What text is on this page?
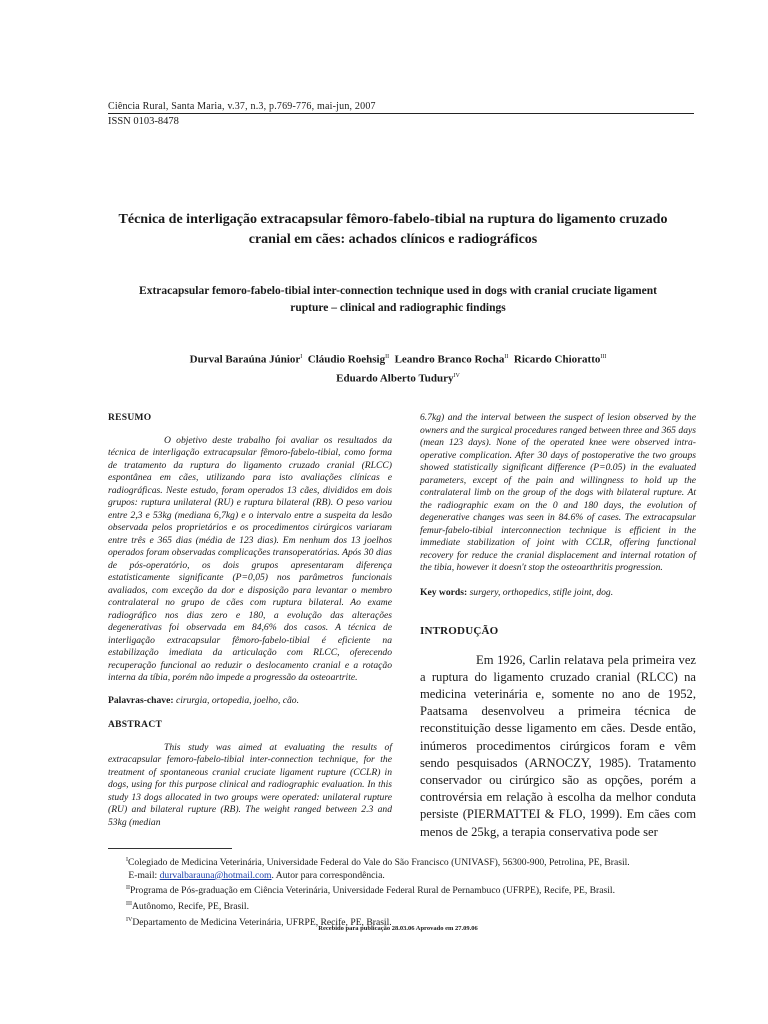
Ciência Rural, Santa Maria, v.37, n.3, p.769-776, mai-jun, 2007
ISSN 0103-8478
Técnica de interligação extracapsular fêmoro-fabelo-tibial na ruptura do ligamento cruzado
cranial em cães: achados clínicos e radiográficos
Extracapsular femoro-fabelo-tibial inter-connection technique used in dogs with cranial cruciate ligament
rupture – clinical and radiographic findings
Durval Baraúna Júnior$^I$ Cláudio Roehsig$^{II}$ Leandro Branco Rocha$^{II}$ Ricardo Chioratto$^{III}$
Eduardo Alberto Tudury$^{IV}$

RESUMO

O objetivo deste trabalho foi avaliar os resultados da técnica de interligação extracapsular fêmoro-fabelo-tibial, como forma de tratamento da ruptura do ligamento cruzado cranial (RLCC) espontânea em cães, utilizando para isto avaliações clínicas e radiográficas. Neste estudo, foram operados 13 cães, divididos em dois grupos: ruptura unilateral (RU) e ruptura bilateral (RB). O peso variou entre 2,3 e 53kg (mediana 6,7kg) e o intervalo entre a suspeita da lesão observada pelos proprietários e os procedimentos cirúrgicos variaram entre três e 365 dias (média de 123 dias). Em nenhum dos 13 joelhos operados foram observadas complicações transoperatórias. Após 30 dias de pós-operatório, os dois grupos apresentaram diferença estatisticamente significante (P=0,05) nos parâmetros funcionais avaliados, com exceção da dor e disposição para levantar o membro contralateral no grupo de cães com ruptura bilateral. Ao exame radiográfico nos dias zero e 180, a evolução das alterações degenerativas foi observada em 84,6% dos casos. A técnica de interligação extracapsular fêmoro-fabelo-tibial é eficiente na estabilização imediata da articulação com RLCC, oferecendo recuperação funcional ao reduzir o deslocamento cranial e a rotação interna da tíbia, porém não impede a progressão da osteoartrite.

Palavras-chave: cirurgia, ortopedia, joelho, cão.

ABSTRACT

This study was aimed at evaluating the results of extracapsular femoro-fabelo-tibial inter-connection technique, for the treatment of spontaneous cranial cruciate ligament rupture (CCLR) in dogs, using for this purpose clinical and radiographic evaluation. In this study 13 dogs allocated in two groups were operated: unilateral rupture (RU) and bilateral rupture (RB). The weight ranged between 2.3 and 53kg (median

6.7kg) and the interval between the suspect of lesion observed by the owners and the surgical procedures ranged between three and 365 days (mean 123 days). None of the operated knee were observed intra-operative complication. After 30 days of postoperative the two groups showed statistically significant difference (P=0.05) in the evaluated parameters, except of the pain and willingness to hold up the contralateral limb on the group of the dogs with bilateral rupture. At the radiographic exam on the 0 and 180 days, the evolution of degenerative changes was seen in 84.6% of cases. The extracapsular femur-fabelo-tibial interconnection technique is efficient in the immediate stabilization of joint with CCLR, offering functional recovery for reduce the cranial displacement and internal rotation of the tibia, however it doesn't stop the osteoarthritis progression.

Key words: surgery, orthopedics, stifle joint, dog.

INTRODUÇÃO

Em 1926, Carlin relatava pela primeira vez a ruptura do ligamento cruzado cranial (RLCC) na medicina veterinária e, somente no ano de 1952, Paatsama desenvolveu a primeira técnica de reconstituição desse ligamento em cães. Desde então, inúmeros procedimentos cirúrgicos foram e vêm sendo pesquisados (ARNOCZY, 1985). Tratamento conservador ou cirúrgico são as opções, porém a controvérsia em relação à escolha da melhor conduta persiste (PIERMATTEI & FLO, 1999). Em cães com menos de 25kg, a terapia conservativa pode ser

$^I$Colegiado de Medicina Veterinária, Universidade Federal do Vale do São Francisco (UNIVASF), 56300-900, Petrolina, PE, Brasil.
E-mail: durvalbarauna@hotmail.com. Autor para correspondência.
$^{II}$Programa de Pós-graduação em Ciência Veterinária, Universidade Federal Rural de Pernambuco (UFRPE), Recife, PE, Brasil.
$^{III}$Autônomo, Recife, PE, Brasil.
$^{IV}$Departamento de Medicina Veterinária, UFRPE, Recife, PE, Brasil.
Recebido para publicação 28.03.06 Aprovado em 27.09.06
